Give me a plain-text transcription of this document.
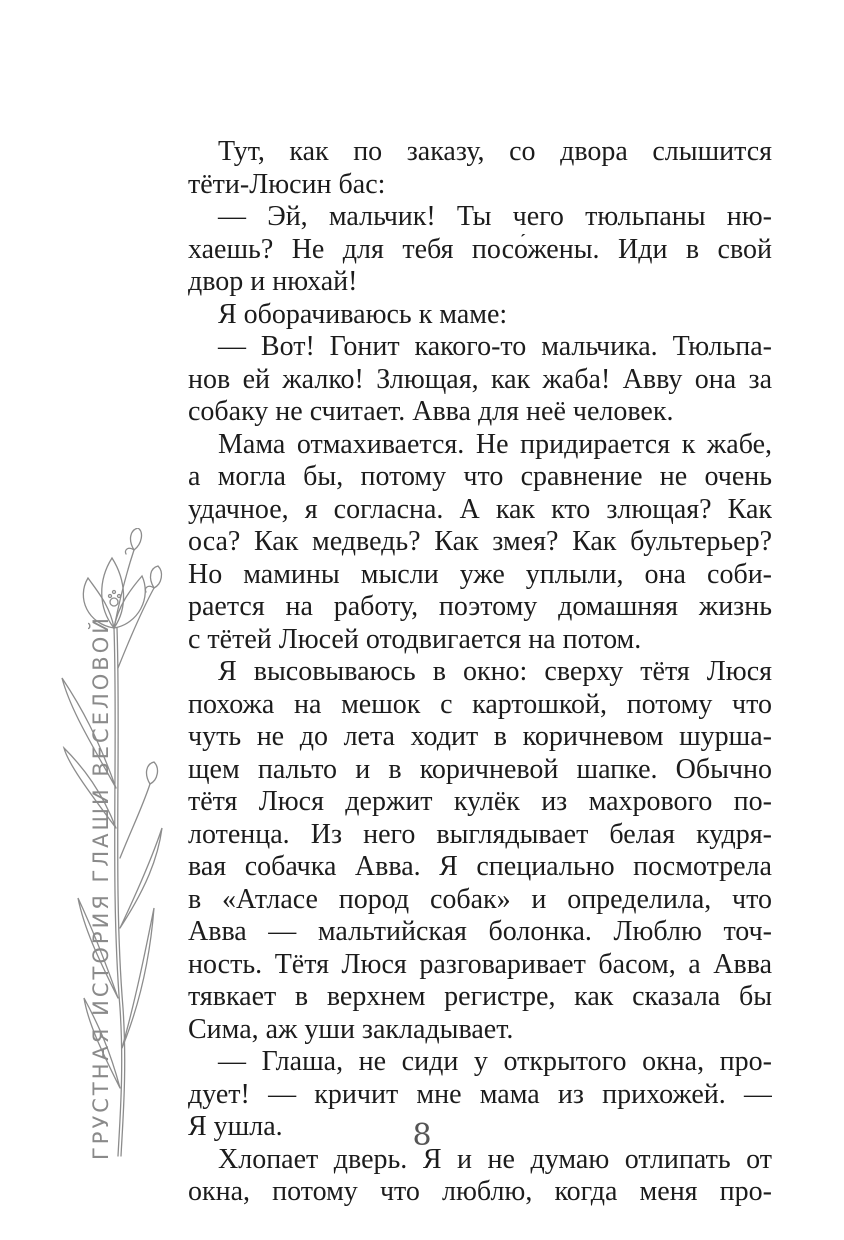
ГРУСТНАЯ ИСТОРИЯ ГЛАШИ ВЕСЕЛОВОЙ
Тут, как по заказу, со двора слышится
тёти-Люсин бас:
— Эй, мальчик! Ты чего тюльпаны ню-
хаешь? Не для тебя посо́жены. Иди в свой
двор и нюхай!
Я оборачиваюсь к маме:
— Вот! Гонит какого-то мальчика. Тюльпа-
нов ей жалко! Злющая, как жаба! Авву она за
собаку не считает. Авва для неё человек.
Мама отмахивается. Не придирается к жабе,
а могла бы, потому что сравнение не очень
удачное, я согласна. А как кто злющая? Как
оса? Как медведь? Как змея? Как бультерьер?
Но мамины мысли уже уплыли, она соби-
рается на работу, поэтому домашняя жизнь
с тётей Люсей отодвигается на потом.
Я высовываюсь в окно: сверху тётя Люся
похожа на мешок с картошкой, потому что
чуть не до лета ходит в коричневом шурша-
щем пальто и в коричневой шапке. Обычно
тётя Люся держит кулёк из махрового по-
лотенца. Из него выглядывает белая кудря-
вая собачка Авва. Я специально посмотрела
в «Атласе пород собак» и определила, что
Авва — мальтийская болонка. Люблю точ-
ность. Тётя Люся разговаривает басом, а Авва
тявкает в верхнем регистре, как сказала бы
Сима, аж уши закладывает.
— Глаша, не сиди у открытого окна, про-
дует! — кричит мне мама из прихожей. —
Я ушла.
Хлопает дверь. Я и не думаю отлипать от
окна, потому что люблю, когда меня про-
8
